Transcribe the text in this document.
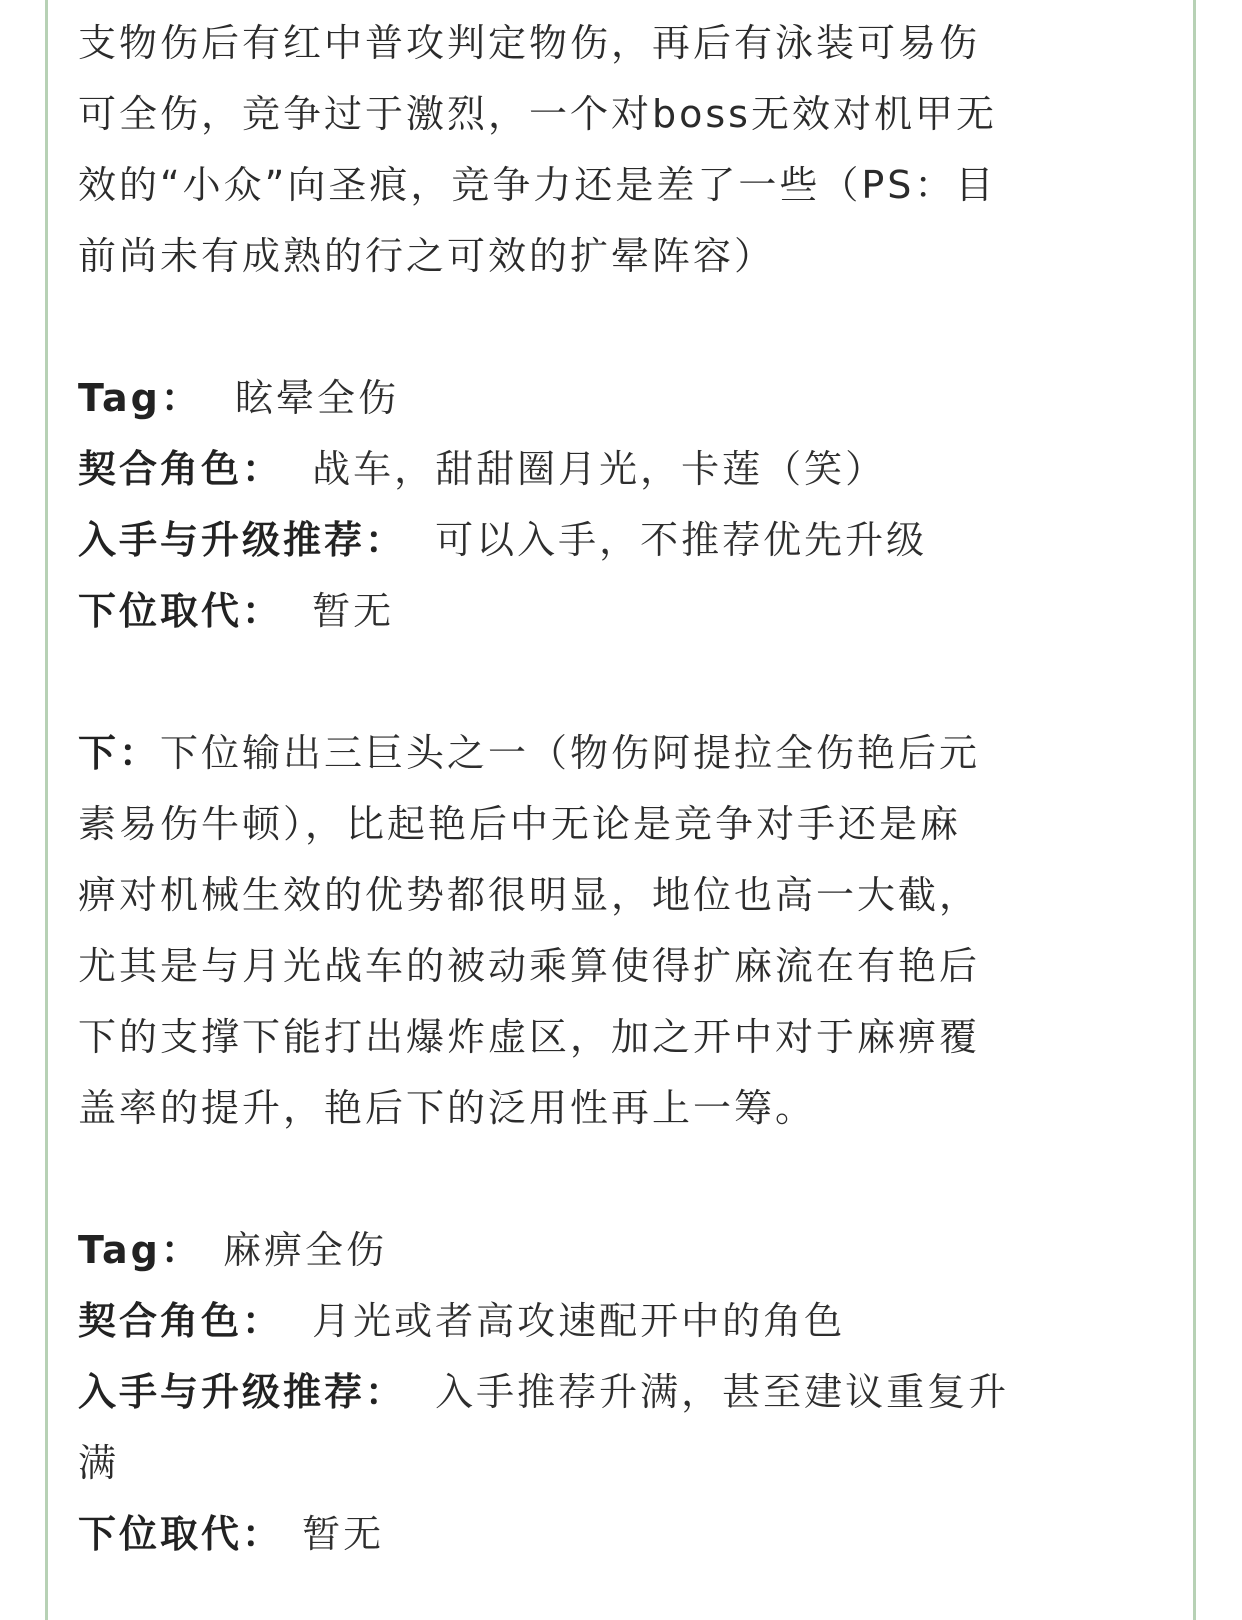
支物伤后有红中普攻判定物伤，再后有泳装可易伤
可全伤，竞争过于激烈，一个对boss无效对机甲无
效的“小众”向圣痕，竞争力还是差了一些（PS：目
前尚未有成熟的行之可效的扩晕阵容）
Tag： 眩晕全伤
契合角色： 战车，甜甜圈月光，卡莲（笑）
入手与升级推荐： 可以入手，不推荐优先升级
下位取代： 暂无
下：下位输出三巨头之一（物伤阿提拉全伤艳后元
素易伤牛顿），比起艳后中无论是竞争对手还是麻
痹对机械生效的优势都很明显，地位也高一大截，
尤其是与月光战车的被动乘算使得扩麻流在有艳后
下的支撑下能打出爆炸虚区，加之开中对于麻痹覆
盖率的提升，艳后下的泛用性再上一筹。
Tag： 麻痹全伤
契合角色： 月光或者高攻速配开中的角色
入手与升级推荐： 入手推荐升满，甚至建议重复升
满
下位取代： 暂无
